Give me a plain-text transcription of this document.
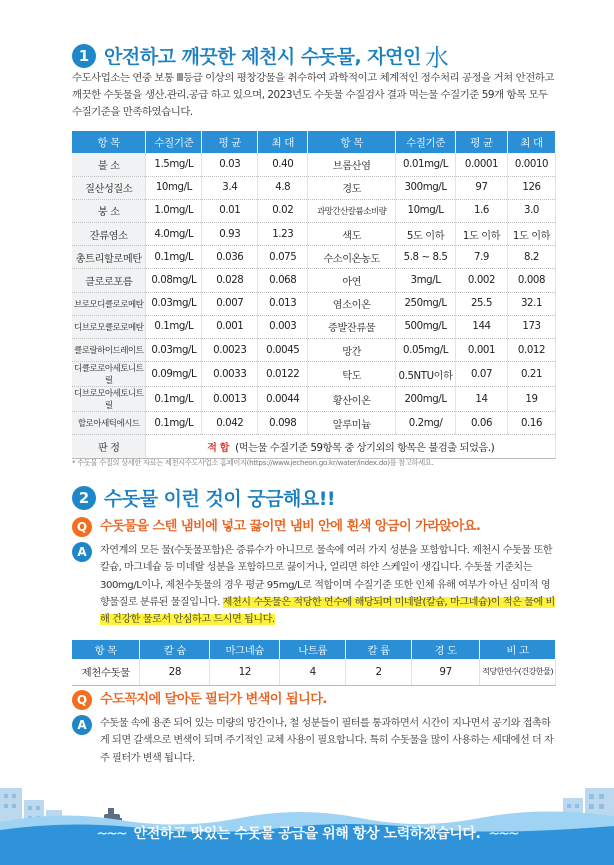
1 안전하고 깨끗한 제천시 수돗물, 자연인 水

수도사업소는 연중 보통 Ⅲ등급 이상의 평창강물을 취수하여 과학적이고 체계적인 정수처리 공정을 거쳐 안전하고 깨끗한 수돗물을 생산.관리.공급 하고 있으며, 2023년도 수돗물 수질검사 결과 먹는물 수질기준 59개 항목 모두 수질기준을 만족하였습니다.

항 목	수질기준	평 균	최 대	항 목	수질기준	평 균	최 대
불 소	1.5mg/L	0.03	0.40	브롬산염	0.01mg/L	0.0001	0.0010
질산성질소	10mg/L	3.4	4.8	경도	300mg/L	97	126
붕 소	1.0mg/L	0.01	0.02	과망간산칼륨소비량	10mg/L	1.6	3.0
잔류염소	4.0mg/L	0.93	1.23	색도	5도 이하	1도 이하	1도 이하
총트리할로메탄	0.1mg/L	0.036	0.075	수소이온농도	5.8 ~ 8.5	7.9	8.2
클로로포름	0.08mg/L	0.028	0.068	아연	3mg/L	0.002	0.008
브로모디클로로메탄	0.03mg/L	0.007	0.013	염소이온	250mg/L	25.5	32.1
디브로모클로로메탄	0.1mg/L	0.001	0.003	증발잔류물	500mg/L	144	173
클로랄하이드레이트	0.03mg/L	0.0023	0.0045	망간	0.05mg/L	0.001	0.012
디클로로아세토니트릴	0.09mg/L	0.0033	0.0122	탁도	0.5NTU이하	0.07	0.21
디브로모아세토니트릴	0.1mg/L	0.0013	0.0044	황산이온	200mg/L	14	19
할로아세틱에시드	0.1mg/L	0.042	0.098	알루미늄	0.2mg/	0.06	0.16
판 정	적 합 (먹는물 수질기준 59항목 중 상기외의 항목은 불검출 되었음.)						

* 수돗물 수질의 상세한 자료는 제천시수도사업소 홈페이지(https://www.jecheon.go.kr/water/index.do)를 참고하세요.

2 수돗물 이런 것이 궁금해요!!
Q 수돗물을 스텐 냄비에 넣고 끓이면 냄비 안에 흰색 앙금이 가라앉아요.
A	자연계의 모든 물(수돗물포함)은 증류수가 아니므로 물속에 여러 가지 성분을 포함합니다. 제천시 수돗물 또한 칼슘, 마그네슘 등 미네랄 성분을 포함하므로 끓이거나, 얼리면 하얀 스케일이 생깁니다. 수돗물 기준치는 300mg/L이나, 제천수돗물의 경우 평균 95mg/L로 적합이며 수질기준 또한 인체 유해 여부가 아닌 심미적 영향물질로 분류된 물질입니다. 제천시 수돗물은 적당한 연수에 해당되며 미네랄(칼슘, 마그네슘)이 적은 물에 비해 건강한 물로서 안심하고 드시면 됩니다.

항 목	칼 슘	마그네슘	나트륨	칼 륨	경 도	비 고
제천수돗물	28	12	4	2	97	적당한연수(건강한물)
Q 수도꼭지에 달아둔 필터가 변색이 됩니다.
A	수돗물 속에 용존 되어 있는 미량의 망간이나, 철 성분들이 필터를 통과하면서 시간이 지나면서 공기와 접촉하게 되면 갈색으로 변색이 되며 주기적인 교체 사용이 필요합니다. 특히 수돗물을 많이 사용하는 세대에선 더 자주 필터가 변색 됩니다.

~~~ 안전하고 맛있는 수돗물 공급을 위해 항상 노력하겠습니다. ~~~
